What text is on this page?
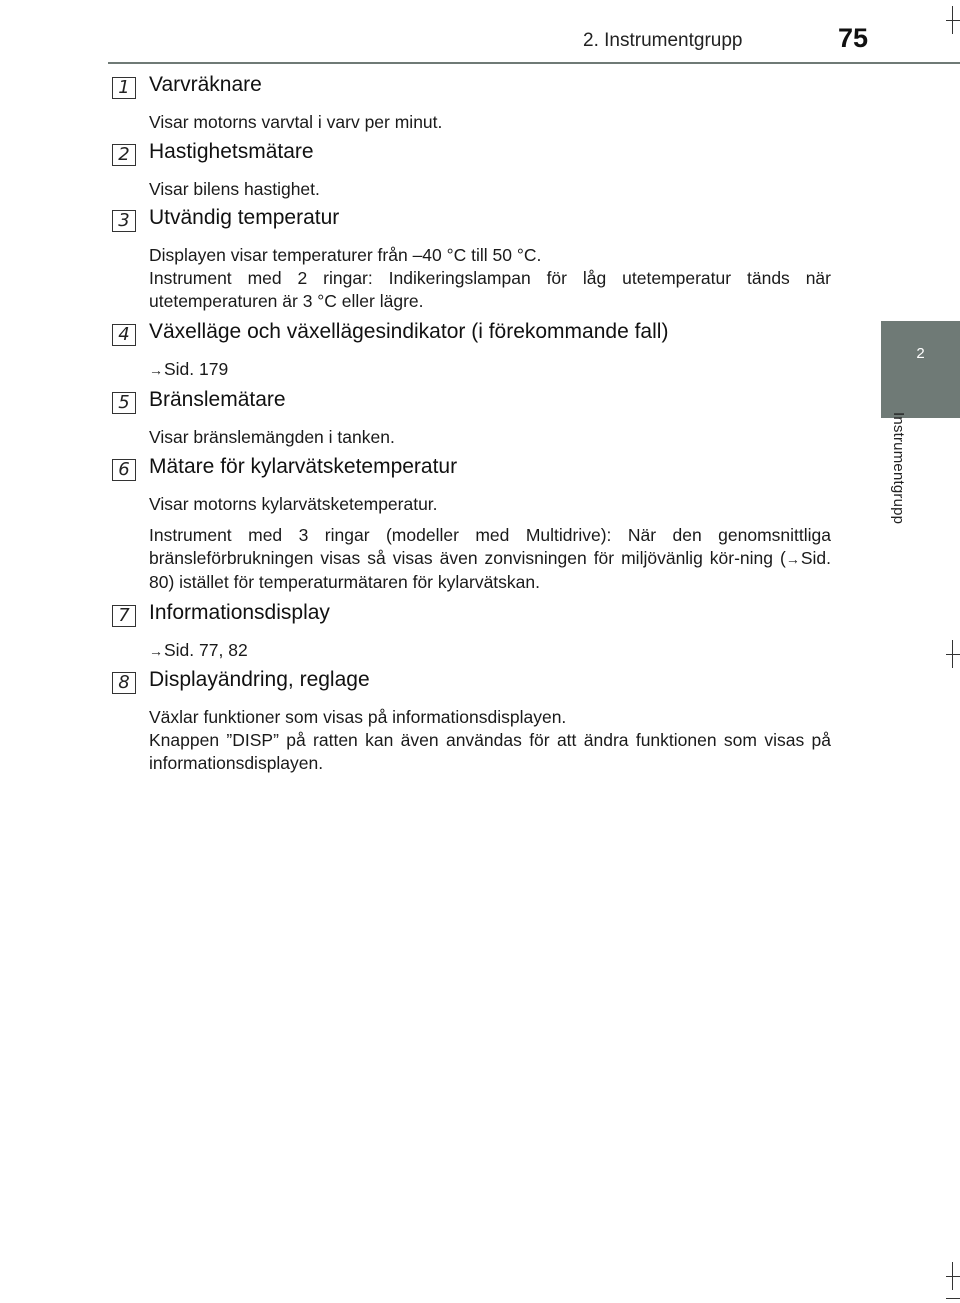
2. Instrumentgrupp	75
2
Instrumentgrupp
1 Varvräknare

Visar motorns varvtal i varv per minut.

2 Hastighetsmätare

Visar bilens hastighet.

3 Utvändig temperatur

Displayen visar temperaturer från –40 °C till 50 °C.

Instrument med 2 ringar: Indikeringslampan för låg utetemperatur tänds när utetemperaturen är 3 °C eller lägre.

4 Växelläge och växellägesindikator (i förekommande fall)

→Sid. 179

5 Bränslemätare

Visar bränslemängden i tanken.

6 Mätare för kylarvätsketemperatur

Visar motorns kylarvätsketemperatur.

Instrument med 3 ringar (modeller med Multidrive): När den genomsnittliga bränsleförbrukningen visas så visas även zonvisningen för miljövänlig kör-ning (→Sid. 80) istället för temperaturmätaren för kylarvätskan.

7 Informationsdisplay

→Sid. 77, 82

8 Displayändring, reglage

Växlar funktioner som visas på informationsdisplayen.

Knappen ”DISP” på ratten kan även användas för att ändra funktionen som visas på informationsdisplayen.
